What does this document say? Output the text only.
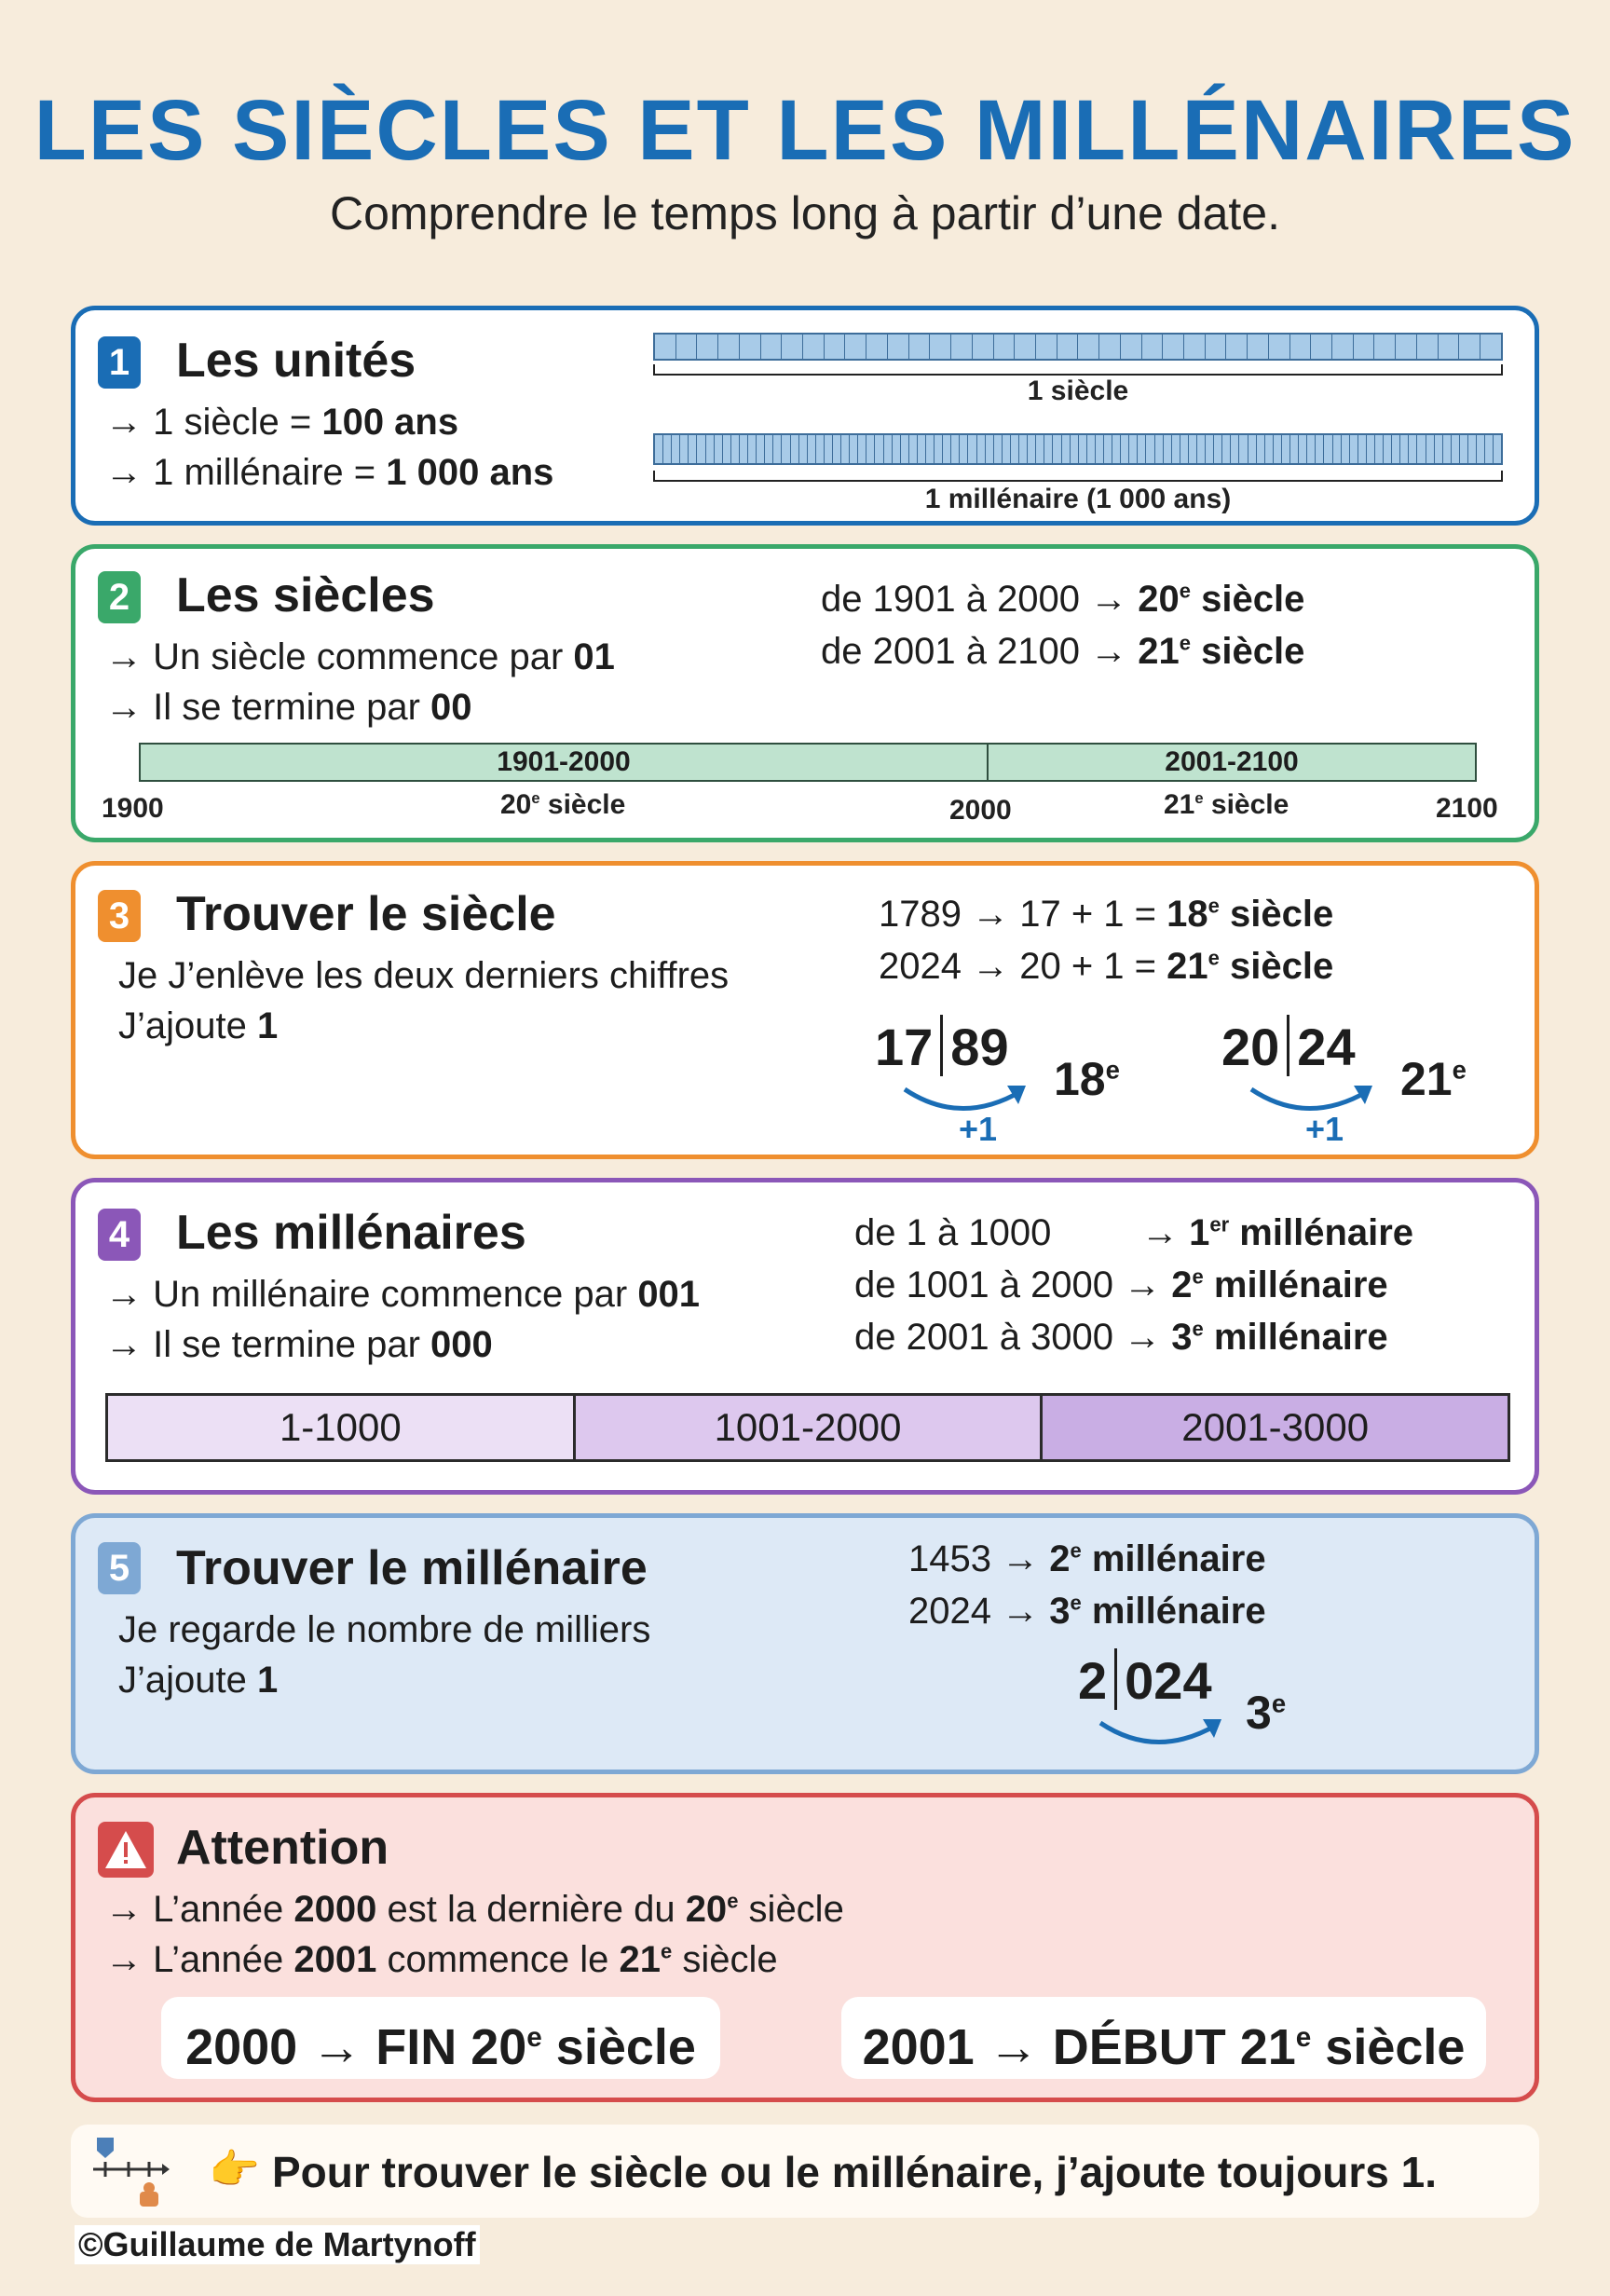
LES SIÈCLES ET LES MILLÉNAIRES

Comprendre le temps long à partir d’une date.

1 Les unités
→ 1 siècle = 100 ans
→ 1 millénaire = 1 000 ans
1 siècle
1 millénaire (1 000 ans)
2 Les siècles
→ Un siècle commence par 01
→ Il se termine par 00
de 1901 à $2000 \to 20^e$ siècle
de 2001 à $2100 \to 21^e$ siècle
1901-2000	2001-2100
1900	2000	2100
20e siècle	21e siècle
3 Trouver le siècle
Je J’enlève les deux derniers chiffres
J’ajoute 1
$1789 \to 17 + 1 = 18^e$ siècle
$2024 \to 20 + 1 = 21^e$ siècle
17 89
$18^e$
+1
20 24
$21^e$
+1
4 Les millénaires
→ Un millénaire commence par 001
→ Il se termine par 000
de 1 à 1000 → 1er millénaire
de 1001 à $2000 \to 2^e$ millénaire
de 2001 à $3000 \to 3^e$ millénaire
1-1000	1001-2000	2001-3000
5 Trouver le millénaire
Je regarde le nombre de milliers
J’ajoute 1
$1453 \to 2^e$ millénaire
$2024 \to 3^e$ millénaire
2 024
3e
Attention
→ L’année 2000 est la dernière du 20e siècle
→ L’année 2001 commence le 21e siècle
2000 → FIN 20e siècle	2001 → DÉBUT 21e siècle
👉 Pour trouver le siècle ou le millénaire, j’ajoute toujours 1.
©Guillaume de Martynoff
